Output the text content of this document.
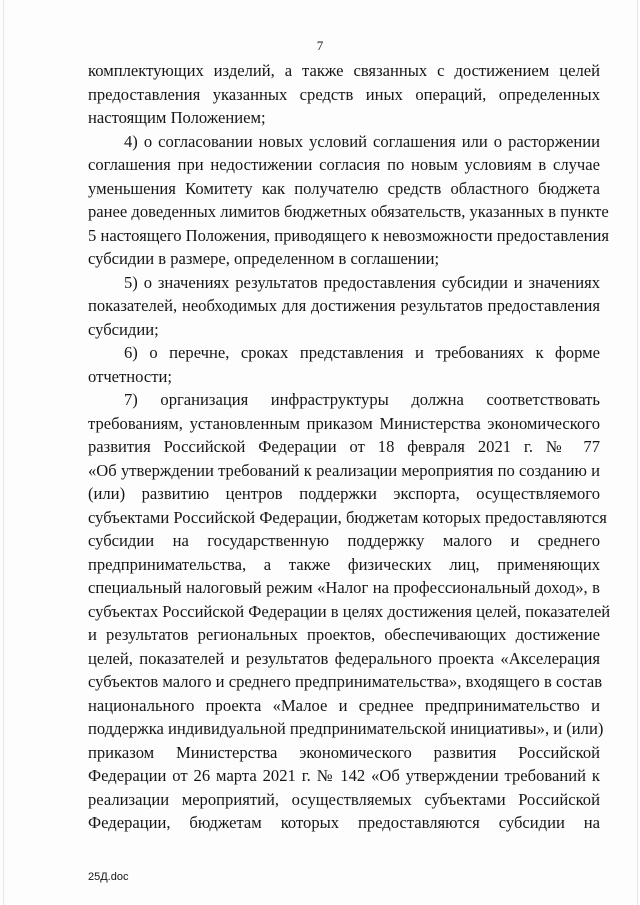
7
комплектующих изделий, а также связанных с достижением целей
предоставления указанных средств иных операций, определенных
настоящим Положением;
4) о согласовании новых условий соглашения или о расторжении
соглашения при недостижении согласия по новым условиям в случае
уменьшения Комитету как получателю средств областного бюджета
ранее доведенных лимитов бюджетных обязательств, указанных в пункте
5 настоящего Положения, приводящего к невозможности предоставления
субсидии в размере, определенном в соглашении;
5) о значениях результатов предоставления субсидии и значениях
показателей, необходимых для достижения результатов предоставления
субсидии;
6) о перечне, сроках представления и требованиях к форме
отчетности;
7) организация инфраструктуры должна соответствовать
требованиям, установленным приказом Министерства экономического
развития Российской Федерации от 18 февраля 2021 г. № 77
«Об утверждении требований к реализации мероприятия по созданию и
(или) развитию центров поддержки экспорта, осуществляемого
субъектами Российской Федерации, бюджетам которых предоставляются
субсидии на государственную поддержку малого и среднего
предпринимательства, а также физических лиц, применяющих
специальный налоговый режим «Налог на профессиональный доход», в
субъектах Российской Федерации в целях достижения целей, показателей
и результатов региональных проектов, обеспечивающих достижение
целей, показателей и результатов федерального проекта «Акселерация
субъектов малого и среднего предпринимательства», входящего в состав
национального проекта «Малое и среднее предпринимательство и
поддержка индивидуальной предпринимательской инициативы», и (или)
приказом Министерства экономического развития Российской
Федерации от 26 марта 2021 г. № 142 «Об утверждении требований к
реализации мероприятий, осуществляемых субъектами Российской
Федерации, бюджетам которых предоставляются субсидии на
25Д.doc
